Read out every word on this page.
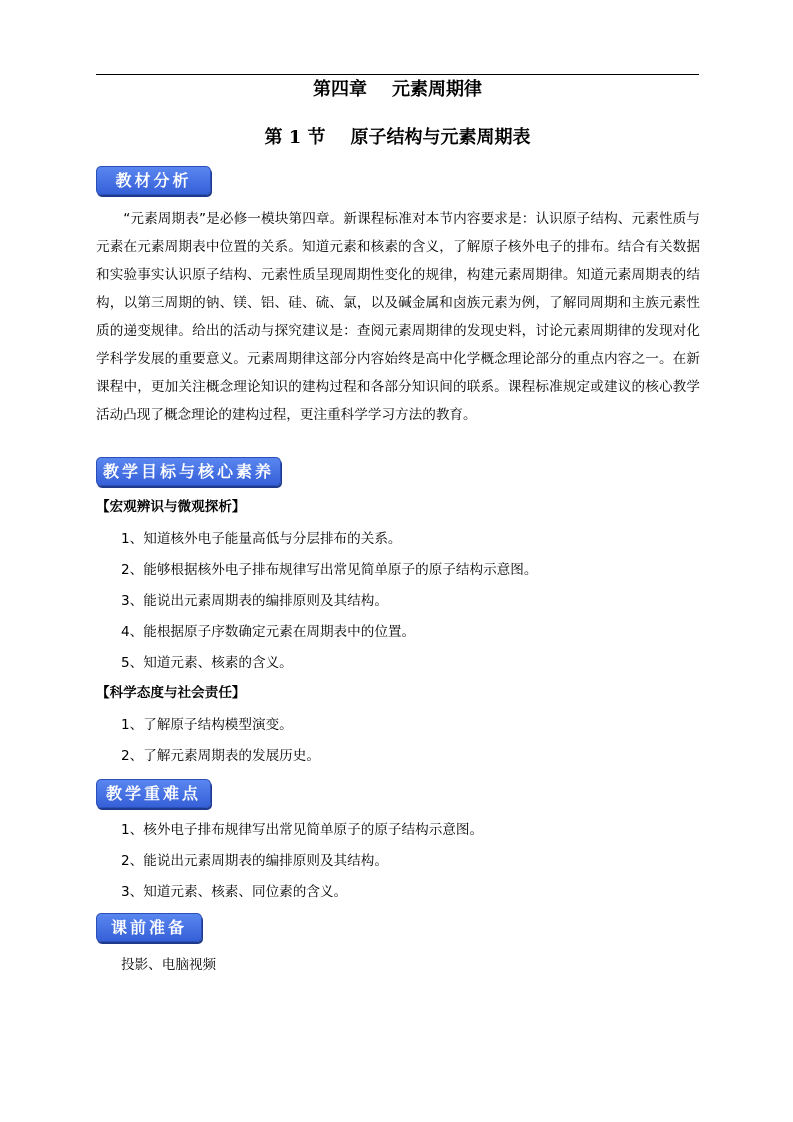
第四章    元素周期律
第 1 节    原子结构与元素周期表
教材分析
“元素周期表”是必修一模块第四章。新课程标准对本节内容要求是：认识原子结构、元素性质与元素在元素周期表中位置的关系。知道元素和核素的含义，了解原子核外电子的排布。结合有关数据和实验事实认识原子结构、元素性质呈现周期性变化的规律，构建元素周期律。知道元素周期表的结构，以第三周期的钠、镁、铝、硅、硫、氯，以及碱金属和卤族元素为例，了解同周期和主族元素性质的递变规律。给出的活动与探究建议是：查阅元素周期律的发现史料，讨论元素周期律的发现对化学科学发展的重要意义。元素周期律这部分内容始终是高中化学概念理论部分的重点内容之一。在新课程中，更加关注概念理论知识的建构过程和各部分知识间的联系。课程标准规定或建议的核心教学活动凸现了概念理论的建构过程，更注重科学学习方法的教育。
教学目标与核心素养
【宏观辨识与微观探析】
1、知道核外电子能量高低与分层排布的关系。
2、能够根据核外电子排布规律写出常见简单原子的原子结构示意图。
3、能说出元素周期表的编排原则及其结构。
4、能根据原子序数确定元素在周期表中的位置。
5、知道元素、核素的含义。
【科学态度与社会责任】
1、了解原子结构模型演变。
2、了解元素周期表的发展历史。
教学重难点
1、核外电子排布规律写出常见简单原子的原子结构示意图。
2、能说出元素周期表的编排原则及其结构。
3、知道元素、核素、同位素的含义。
课前准备
投影、电脑视频
